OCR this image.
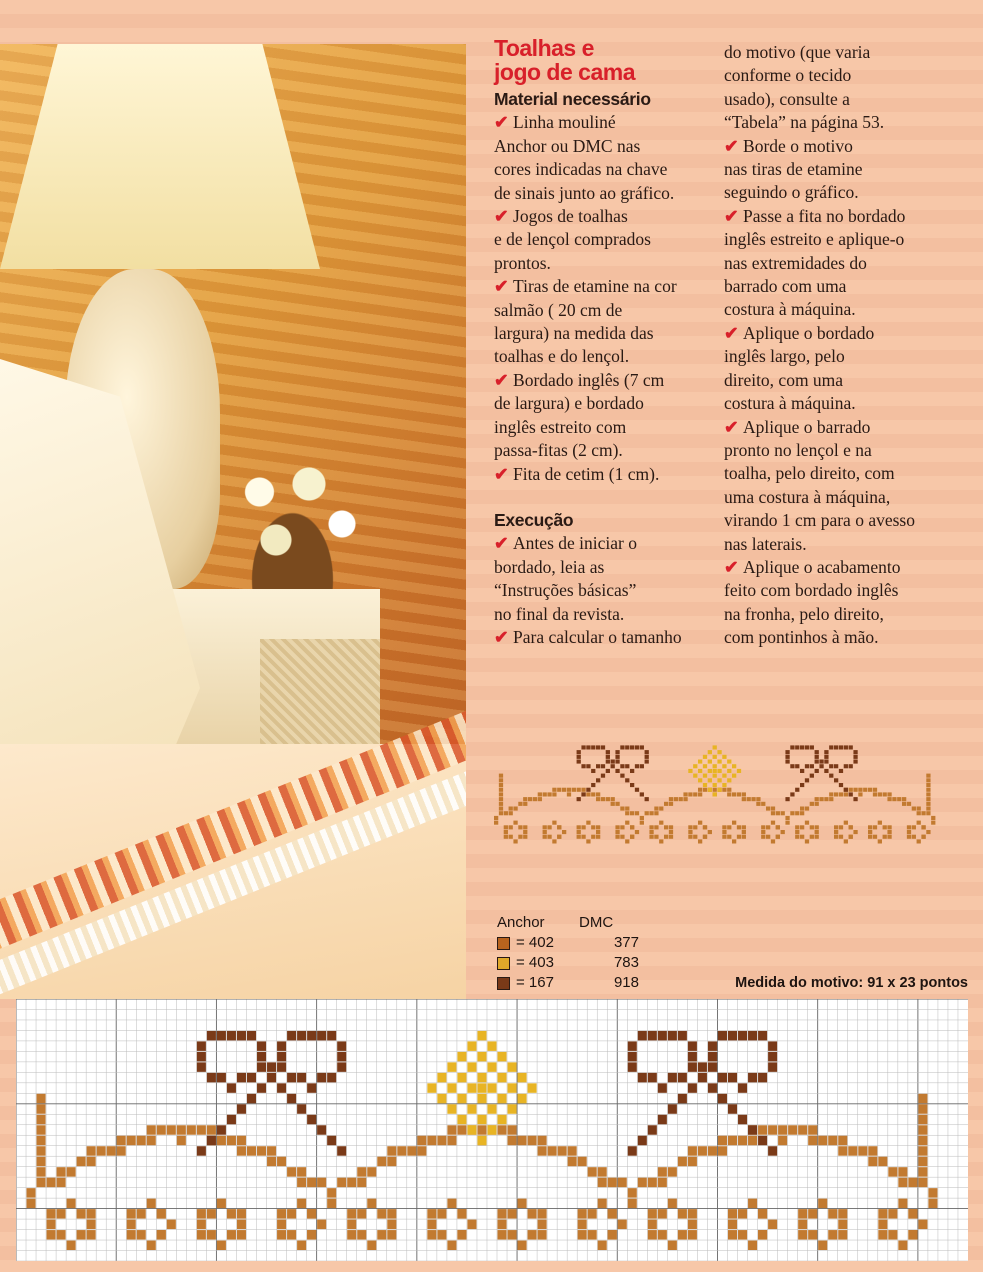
Toalhas e
jogo de cama
Material necessário

✔ Linha mouliné
Anchor ou DMC nas
cores indicadas na chave
de sinais junto ao gráfico.

✔ Jogos de toalhas
e de lençol comprados
prontos.

✔ Tiras de etamine na cor
salmão ( 20 cm de
largura) na medida das
toalhas e do lençol.

✔ Bordado inglês (7 cm
de largura) e bordado
inglês estreito com
passa-fitas (2 cm).

✔ Fita de cetim (1 cm).

Execução

✔ Antes de iniciar o
bordado, leia as
“Instruções básicas”
no final da revista.

✔ Para calcular o tamanho

do motivo (que varia
conforme o tecido
usado), consulte a
“Tabela” na página 53.

✔ Borde o motivo
nas tiras de etamine
seguindo o gráfico.

✔ Passe a fita no bordado
inglês estreito e aplique-o
nas extremidades do
barrado com uma
costura à máquina.

✔ Aplique o bordado
inglês largo, pelo
direito, com uma
costura à máquina.

✔ Aplique o barrado
pronto no lençol e na
toalha, pelo direito, com
uma costura à máquina,
virando 1 cm para o avesso
nas laterais.

✔ Aplique o acabamento
feito com bordado inglês
na fronha, pelo direito,
com pontinhos à mão.

Anchor	DMC
= 402	377
= 403	783
= 167	918	Medida do motivo: 91 x 23 pontos
